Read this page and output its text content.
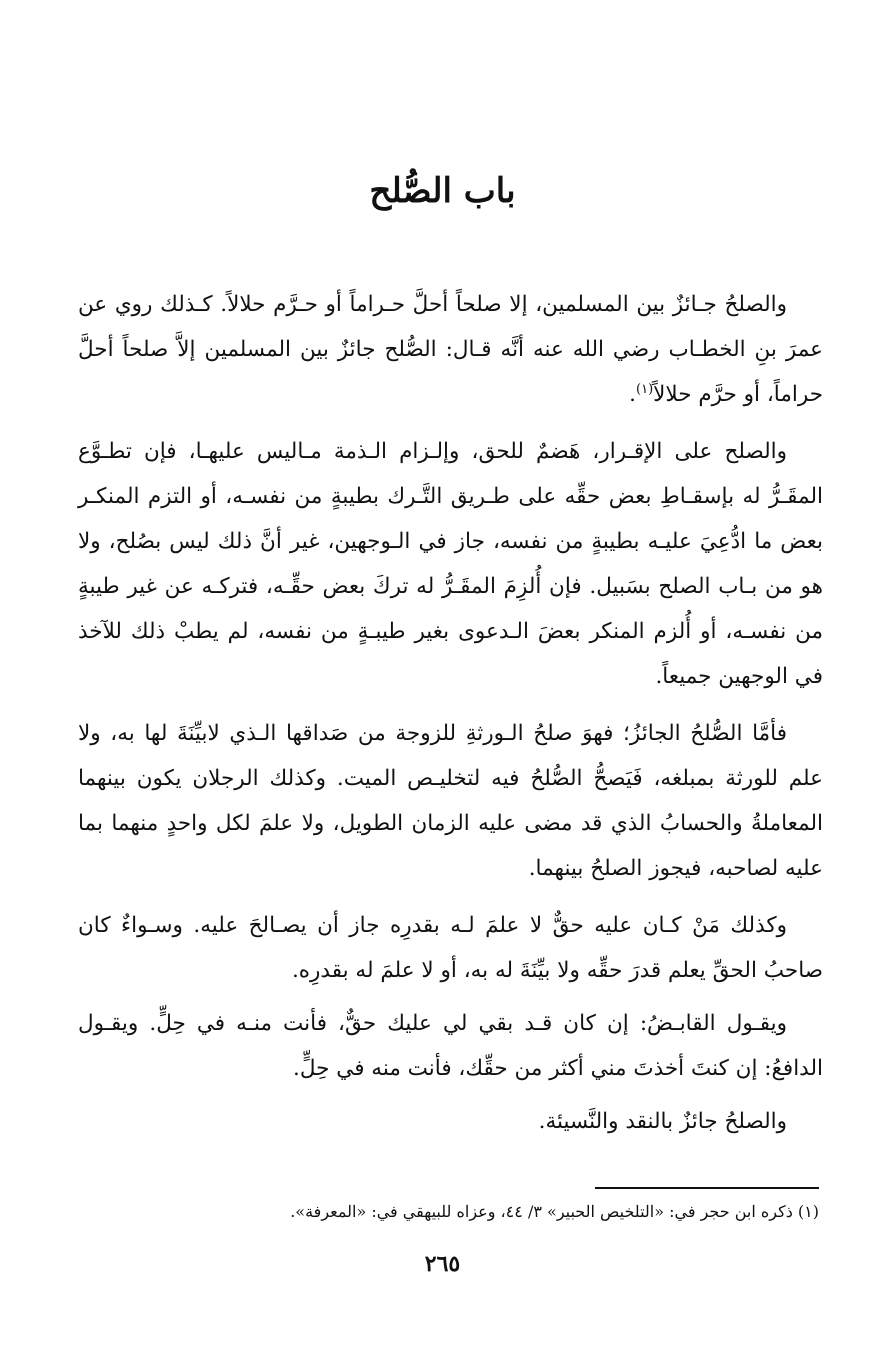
باب الصُّلح

والصلحُ جـائزٌ بين المسلمين، إلا صلحاً أحلَّ حـراماً أو حـرَّم حلالاً. كـذلك روي عن عمرَ بنِ الخطـاب رضي الله عنه أنَّه قـال: الصُّلح جائزٌ بين المسلمين إلاَّ صلحاً أحلَّ حراماً، أو حرَّم حلالاً$^{(١)}$.

والصلح على الإقـرار، هَضمٌ للحق، وإلـزام الـذمة مـاليس عليهـا، فإن تطـوَّع المقَـرُّ له بإسقـاطِ بعض حقِّه على طـريق التَّـرك بطيبةٍ من نفسـه، أو التزم المنكـر بعض ما ادُّعِيَ عليـه بطيبةٍ من نفسه، جاز في الـوجهين، غير أنَّ ذلك ليس بصُلح، ولا هو من بـاب الصلح بسَبيل. فإن أُلزِمَ المقَـرُّ له تركَ بعض حقِّـه، فتركـه عن غير طيبةٍ من نفسـه، أو أُلزم المنكر بعضَ الـدعوى بغير طيبـةٍ من نفسه، لم يطبْ ذلك للآخذ في الوجهين جميعاً.

فأمَّا الصُّلحُ الجائزُ؛ فهوَ صلحُ الـورثةِ للزوجة من صَداقها الـذي لابيِّنَةَ لها به، ولا علم للورثة بمبلغه، فَيَصحُّ الصُّلحُ فيه لتخليـص الميت. وكذلك الرجلان يكون بينهما المعاملةُ والحسابُ الذي قد مضى عليه الزمان الطويل، ولا علمَ لكل واحدٍ منهما بما عليه لصاحبه، فيجوز الصلحُ بينهما.

وكذلك مَنْ كـان عليه حقٌّ لا علمَ لـه بقدرِه جاز أن يصـالحَ عليه. وسـواءٌ كان صاحبُ الحقِّ يعلم قدرَ حقِّه ولا بيِّنَةَ له به، أو لا علمَ له بقدرِه.

ويقـول القابـضُ: إن كان قـد بقي لي عليك حقٌّ، فأنت منـه في حِلٍّ. ويقـول الدافعُ: إن كنتَ أخذتَ مني أكثر من حقِّك، فأنت منه في حِلٍّ.

والصلحُ جائزٌ بالنقد والنَّسيئة.

(١) ذكره ابن حجر في: «التلخيص الحبير» ٣/ ٤٤، وعزاه للبيهقي في: «المعرفة».
٢٦٥
